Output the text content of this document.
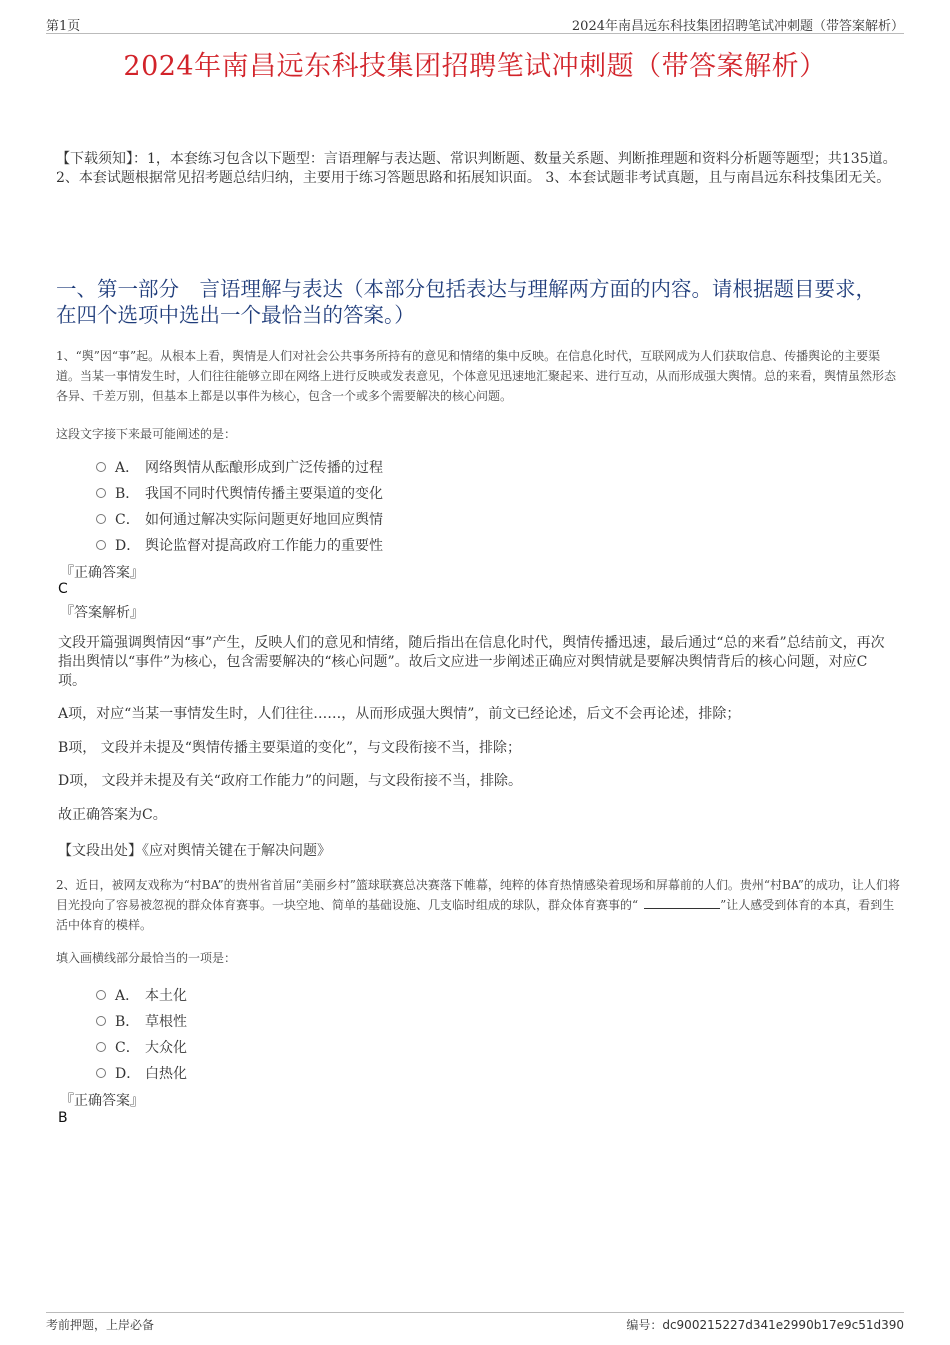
第1页	2024年南昌远东科技集团招聘笔试冲刺题（带答案解析）
2024年南昌远东科技集团招聘笔试冲刺题（带答案解析）
【下载须知】：1，本套练习包含以下题型：言语理解与表达题、常识判断题、数量关系题、判断推理题和资料分析题等题型；共135道。 2、本套试题根据常见招考题总结归纳，主要用于练习答题思路和拓展知识面。 3、本套试题非考试真题，且与南昌远东科技集团无关。
一、第一部分　言语理解与表达（本部分包括表达与理解两方面的内容。请根据题目要求，在四个选项中选出一个最恰当的答案。）
1、“舆”因“事”起。从根本上看，舆情是人们对社会公共事务所持有的意见和情绪的集中反映。在信息化时代，互联网成为人们获取信息、传播舆论的主要渠道。当某一事情发生时，人们往往能够立即在网络上进行反映或发表意见，个体意见迅速地汇聚起来、进行互动，从而形成强大舆情。总的来看，舆情虽然形态各异、千差万别，但基本上都是以事件为核心，包含一个或多个需要解决的核心问题。
这段文字接下来最可能阐述的是：
A． 网络舆情从酝酿形成到广泛传播的过程
B． 我国不同时代舆情传播主要渠道的变化
C． 如何通过解决实际问题更好地回应舆情
D． 舆论监督对提高政府工作能力的重要性
『正确答案』
C
『答案解析』
文段开篇强调舆情因“事”产生，反映人们的意见和情绪，随后指出在信息化时代，舆情传播迅速，最后通过“总的来看”总结前文，再次指出舆情以“事件”为核心，包含需要解决的“核心问题”。故后文应进一步阐述正确应对舆情就是要解决舆情背后的核心问题，对应C项。
A项，对应“当某一事情发生时，人们往往……，从而形成强大舆情”，前文已经论述，后文不会再论述，排除；
B项， 文段并未提及“舆情传播主要渠道的变化”，与文段衔接不当，排除；
D项， 文段并未提及有关“政府工作能力”的问题，与文段衔接不当，排除。
故正确答案为C。
【文段出处】《应对舆情关键在于解决问题》
2、近日，被网友戏称为“村BA”的贵州省首届“美丽乡村”篮球联赛总决赛落下帷幕，纯粹的体育热情感染着现场和屏幕前的人们。贵州“村BA”的成功，让人们将目光投向了容易被忽视的群众体育赛事。一块空地、简单的基础设施、几支临时组成的球队，群众体育赛事的“	”让人感受到体育的本真，看到生活中体育的模样。
填入画横线部分最恰当的一项是：
A． 本土化
B． 草根性
C． 大众化
D． 白热化
『正确答案』
B
考前押题，上岸必备	编号：dc900215227d341e2990b17e9c51d390
